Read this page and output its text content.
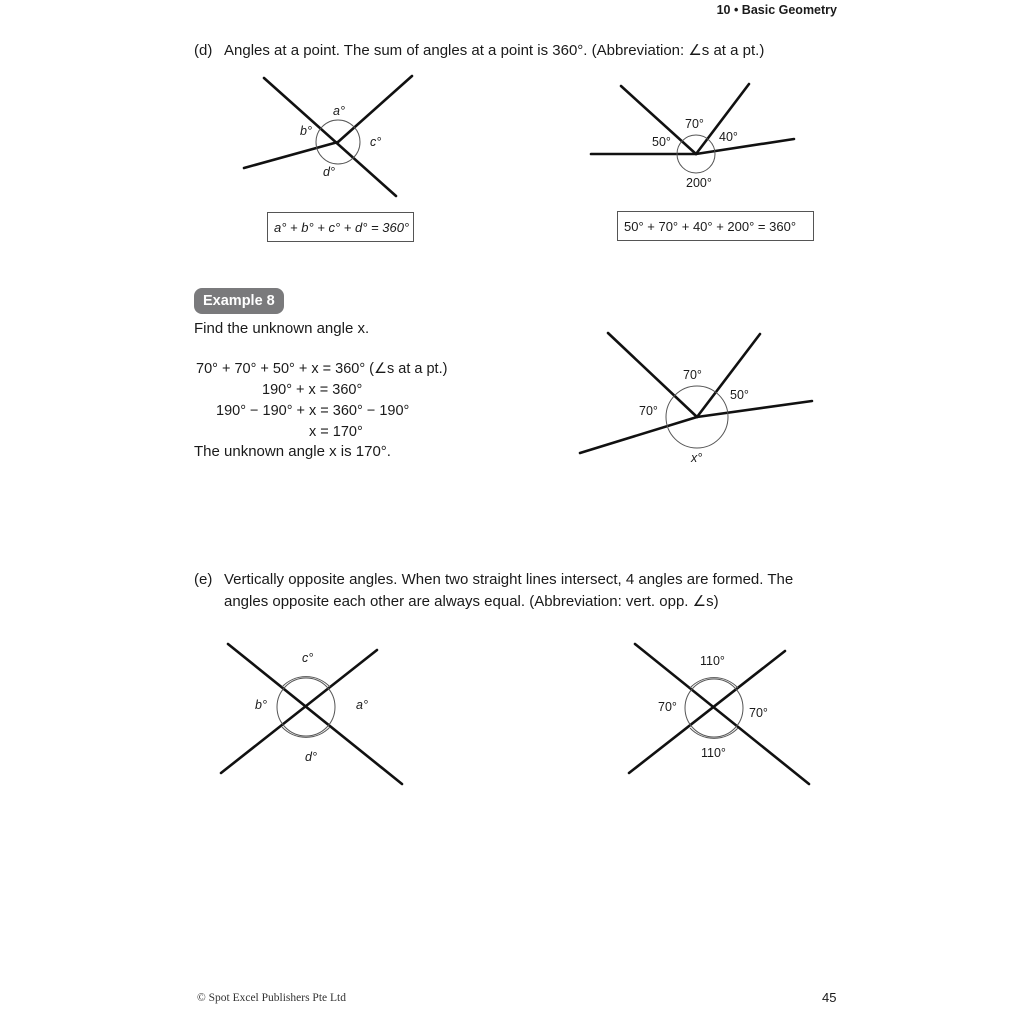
10 • Basic Geometry
(d) Angles at a point. The sum of angles at a point is 360°. (Abbreviation: ∠s at a pt.)
a°
b°
c°
d°
a° + b° + c° + d° = 360°
70°
50°	40°
200°
50° + 70° + 40° + 200° = 360°
Example 8
Find the unknown angle x.
70° + 70° + 50° + x = 360° (∠s at a pt.)
190° + x = 360°
190° − 190° + x = 360° − 190°
x = 170°
The unknown angle x is 170°.
70°
70°
50°
x°
(e) Vertically opposite angles. When two straight lines intersect, 4 angles are formed. The
angles opposite each other are always equal. (Abbreviation: vert. opp. ∠s)
c°
b°	a°
d°
110°
70°	70°
110°
© Spot Excel Publishers Pte Ltd	45
